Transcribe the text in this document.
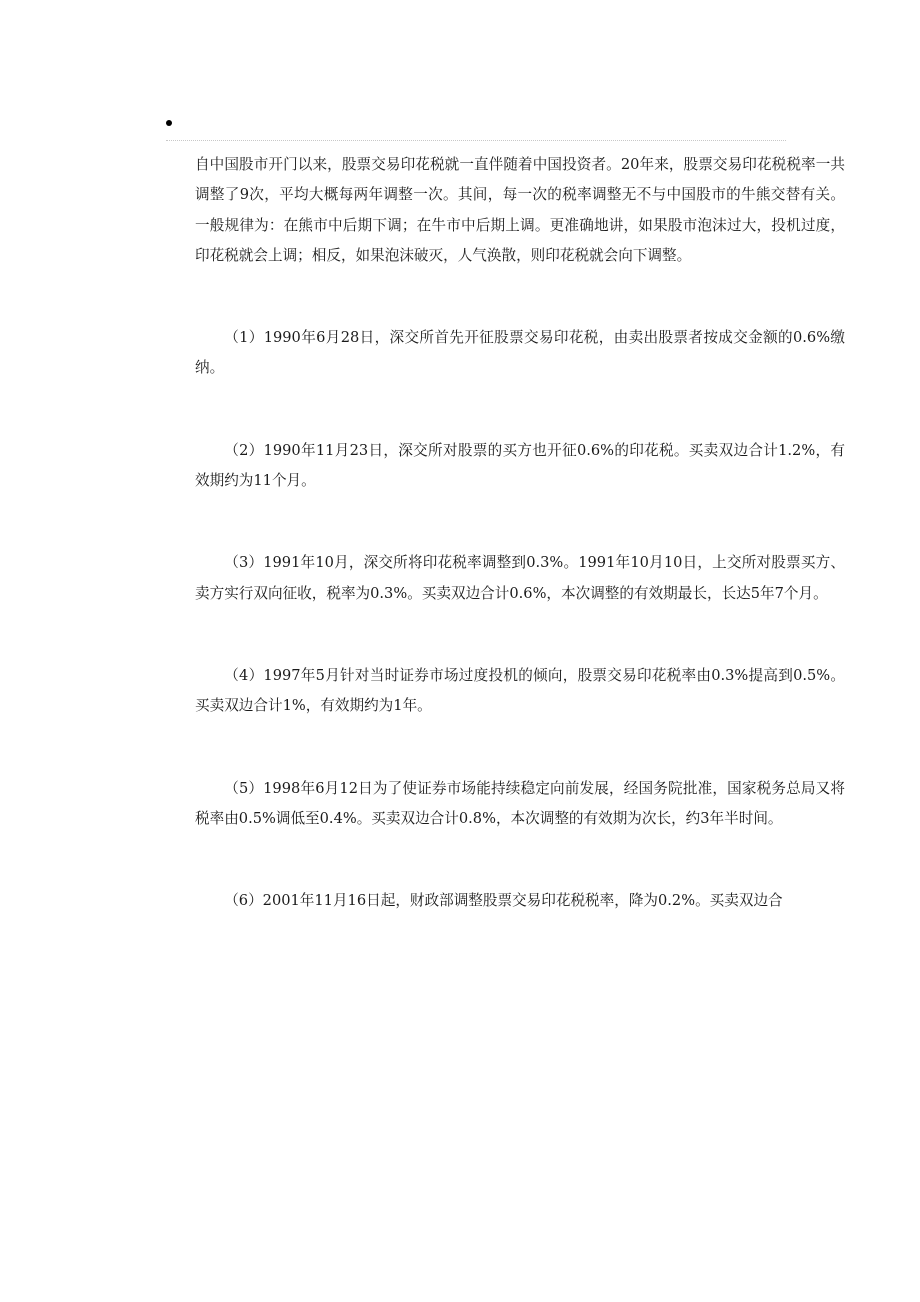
自中国股市开门以来，股票交易印花税就一直伴随着中国投资者。20年来，股票交易印花税税率一共调整了9次，平均大概每两年调整一次。其间，每一次的税率调整无不与中国股市的牛熊交替有关。一般规律为：在熊市中后期下调；在牛市中后期上调。更准确地讲，如果股市泡沫过大，投机过度，印花税就会上调；相反，如果泡沫破灭，人气涣散，则印花税就会向下调整。

（1）1990年6月28日，深交所首先开征股票交易印花税，由卖出股票者按成交金额的0.6%缴纳。

（2）1990年11月23日，深交所对股票的买方也开征0.6%的印花税。买卖双边合计1.2%，有效期约为11个月。

（3）1991年10月，深交所将印花税率调整到0.3%。1991年10月10日，上交所对股票买方、卖方实行双向征收，税率为0.3%。买卖双边合计0.6%，本次调整的有效期最长，长达5年7个月。

（4）1997年5月针对当时证券市场过度投机的倾向，股票交易印花税率由0.3%提高到0.5%。买卖双边合计1%，有效期约为1年。

（5）1998年6月12日为了使证券市场能持续稳定向前发展，经国务院批准，国家税务总局又将税率由0.5%调低至0.4%。买卖双边合计0.8%，本次调整的有效期为次长，约3年半时间。

（6）2001年11月16日起，财政部调整股票交易印花税税率，降为0.2%。买卖双边合
